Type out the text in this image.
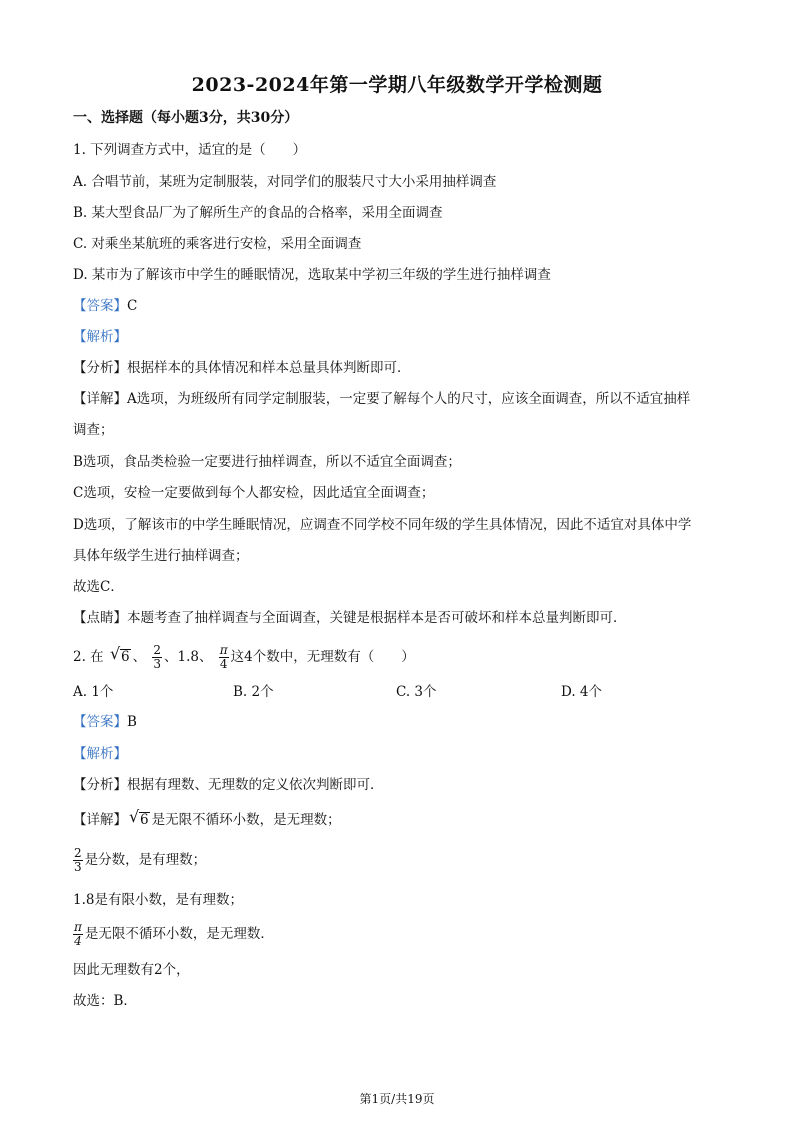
2023-2024年第一学期八年级数学开学检测题
一、选择题（每小题3分，共30分）
1. 下列调查方式中，适宜的是（　　）
A. 合唱节前，某班为定制服装，对同学们的服装尺寸大小采用抽样调查
B. 某大型食品厂为了解所生产的食品的合格率，采用全面调查
C. 对乘坐某航班的乘客进行安检，采用全面调查
D. 某市为了解该市中学生的睡眠情况，选取某中学初三年级的学生进行抽样调查
【答案】C
【解析】
【分析】根据样本的具体情况和样本总量具体判断即可．
【详解】A选项，为班级所有同学定制服装，一定要了解每个人的尺寸，应该全面调查，所以不适宜抽样
调查；
B选项，食品类检验一定要进行抽样调查，所以不适宜全面调查；
C选项，安检一定要做到每个人都安检，因此适宜全面调查；
D选项，了解该市的中学生睡眠情况，应调查不同学校不同年级的学生具体情况，因此不适宜对具体中学
具体年级学生进行抽样调查；
故选C．
【点睛】本题考查了抽样调查与全面调查，关键是根据样本是否可破坏和样本总量判断即可．
2. 在 √ 6 、 $\frac{2}{3}$ 、1.8、 $\frac{\pi}{4}$ 这4个数中，无理数有（　　）
A. 1个	B. 2个	C. 3个	D. 4个
【答案】B
【解析】
【分析】根据有理数、无理数的定义依次判断即可．
【详解】 √ 6 是无限不循环小数，是无理数；
$\frac{2}{3}$ 是分数，是有理数；
1.8是有限小数，是有理数；
$\frac{\pi}{4}$ 是无限不循环小数，是无理数．
因此无理数有2个，
故选：B．
第1页/共19页
